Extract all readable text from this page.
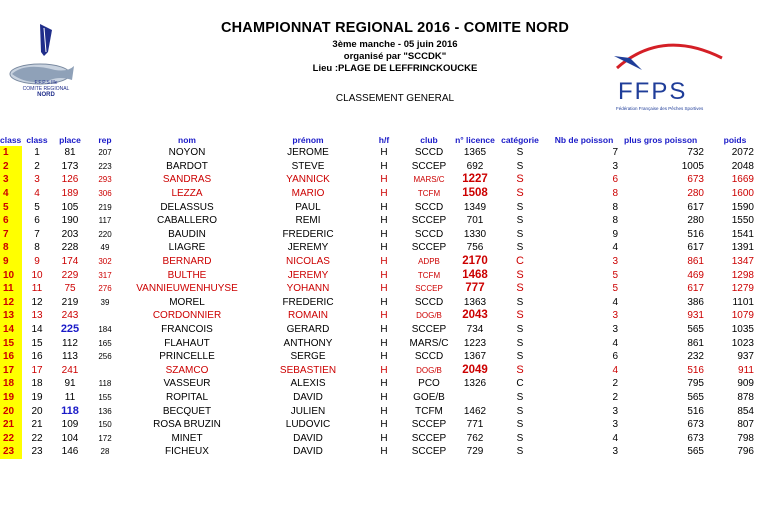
F.F.P.S Ille
COMITE REGIONAL
NORD	FFPS
Fédération Française des Pêches Sportives
CHAMPIONNAT REGIONAL 2016 - COMITE NORD
3ème manche - 05 juin 2016
organisé par "SCCDK"
Lieu :PLAGE DE LEFFRINCKOUCKE
CLASSEMENT GENERAL
class	class	place	rep	nom	prénom	h/f	club	n° licence	catégorie	Nb de poisson	plus gros poisson	poids
1	1	81	207	NOYON	JEROME	H	SCCD	1365	S	7	732	2072
2	2	173	223	BARDOT	STEVE	H	SCCEP	692	S	3	1005	2048
3	3	126	293	SANDRAS	YANNICK	H	MARS/C	1227	S	6	673	1669
4	4	189	306	LEZZA	MARIO	H	TCFM	1508	S	8	280	1600
5	5	105	219	DELASSUS	PAUL	H	SCCD	1349	S	8	617	1590
6	6	190	117	CABALLERO	REMI	H	SCCEP	701	S	8	280	1550
7	7	203	220	BAUDIN	FREDERIC	H	SCCD	1330	S	9	516	1541
8	8	228	49	LIAGRE	JEREMY	H	SCCEP	756	S	4	617	1391
9	9	174	302	BERNARD	NICOLAS	H	ADPB	2170	C	3	861	1347
10	10	229	317	BULTHE	JEREMY	H	TCFM	1468	S	5	469	1298
11	11	75	276	VANNIEUWENHUYSE	YOHANN	H	SCCEP	777	S	5	617	1279
12	12	219	39	MOREL	FREDERIC	H	SCCD	1363	S	4	386	1101
13	13	243		CORDONNIER	ROMAIN	H	DOG/B	2043	S	3	931	1079
14	14	225	184	FRANCOIS	GERARD	H	SCCEP	734	S	3	565	1035
15	15	112	165	FLAHAUT	ANTHONY	H	MARS/C	1223	S	4	861	1023
16	16	113	256	PRINCELLE	SERGE	H	SCCD	1367	S	6	232	937
17	17	241		SZAMCO	SEBASTIEN	H	DOG/B	2049	S	4	516	911
18	18	91	118	VASSEUR	ALEXIS	H	PCO	1326	C	2	795	909
19	19	11	155	ROPITAL	DAVID	H	GOE/B		S	2	565	878
20	20	118	136	BECQUET	JULIEN	H	TCFM	1462	S	3	516	854
21	21	109	150	ROSA BRUZIN	LUDOVIC	H	SCCEP	771	S	3	673	807
22	22	104	172	MINET	DAVID	H	SCCEP	762	S	4	673	798
23	23	146	28	FICHEUX	DAVID	H	SCCEP	729	S	3	565	796
